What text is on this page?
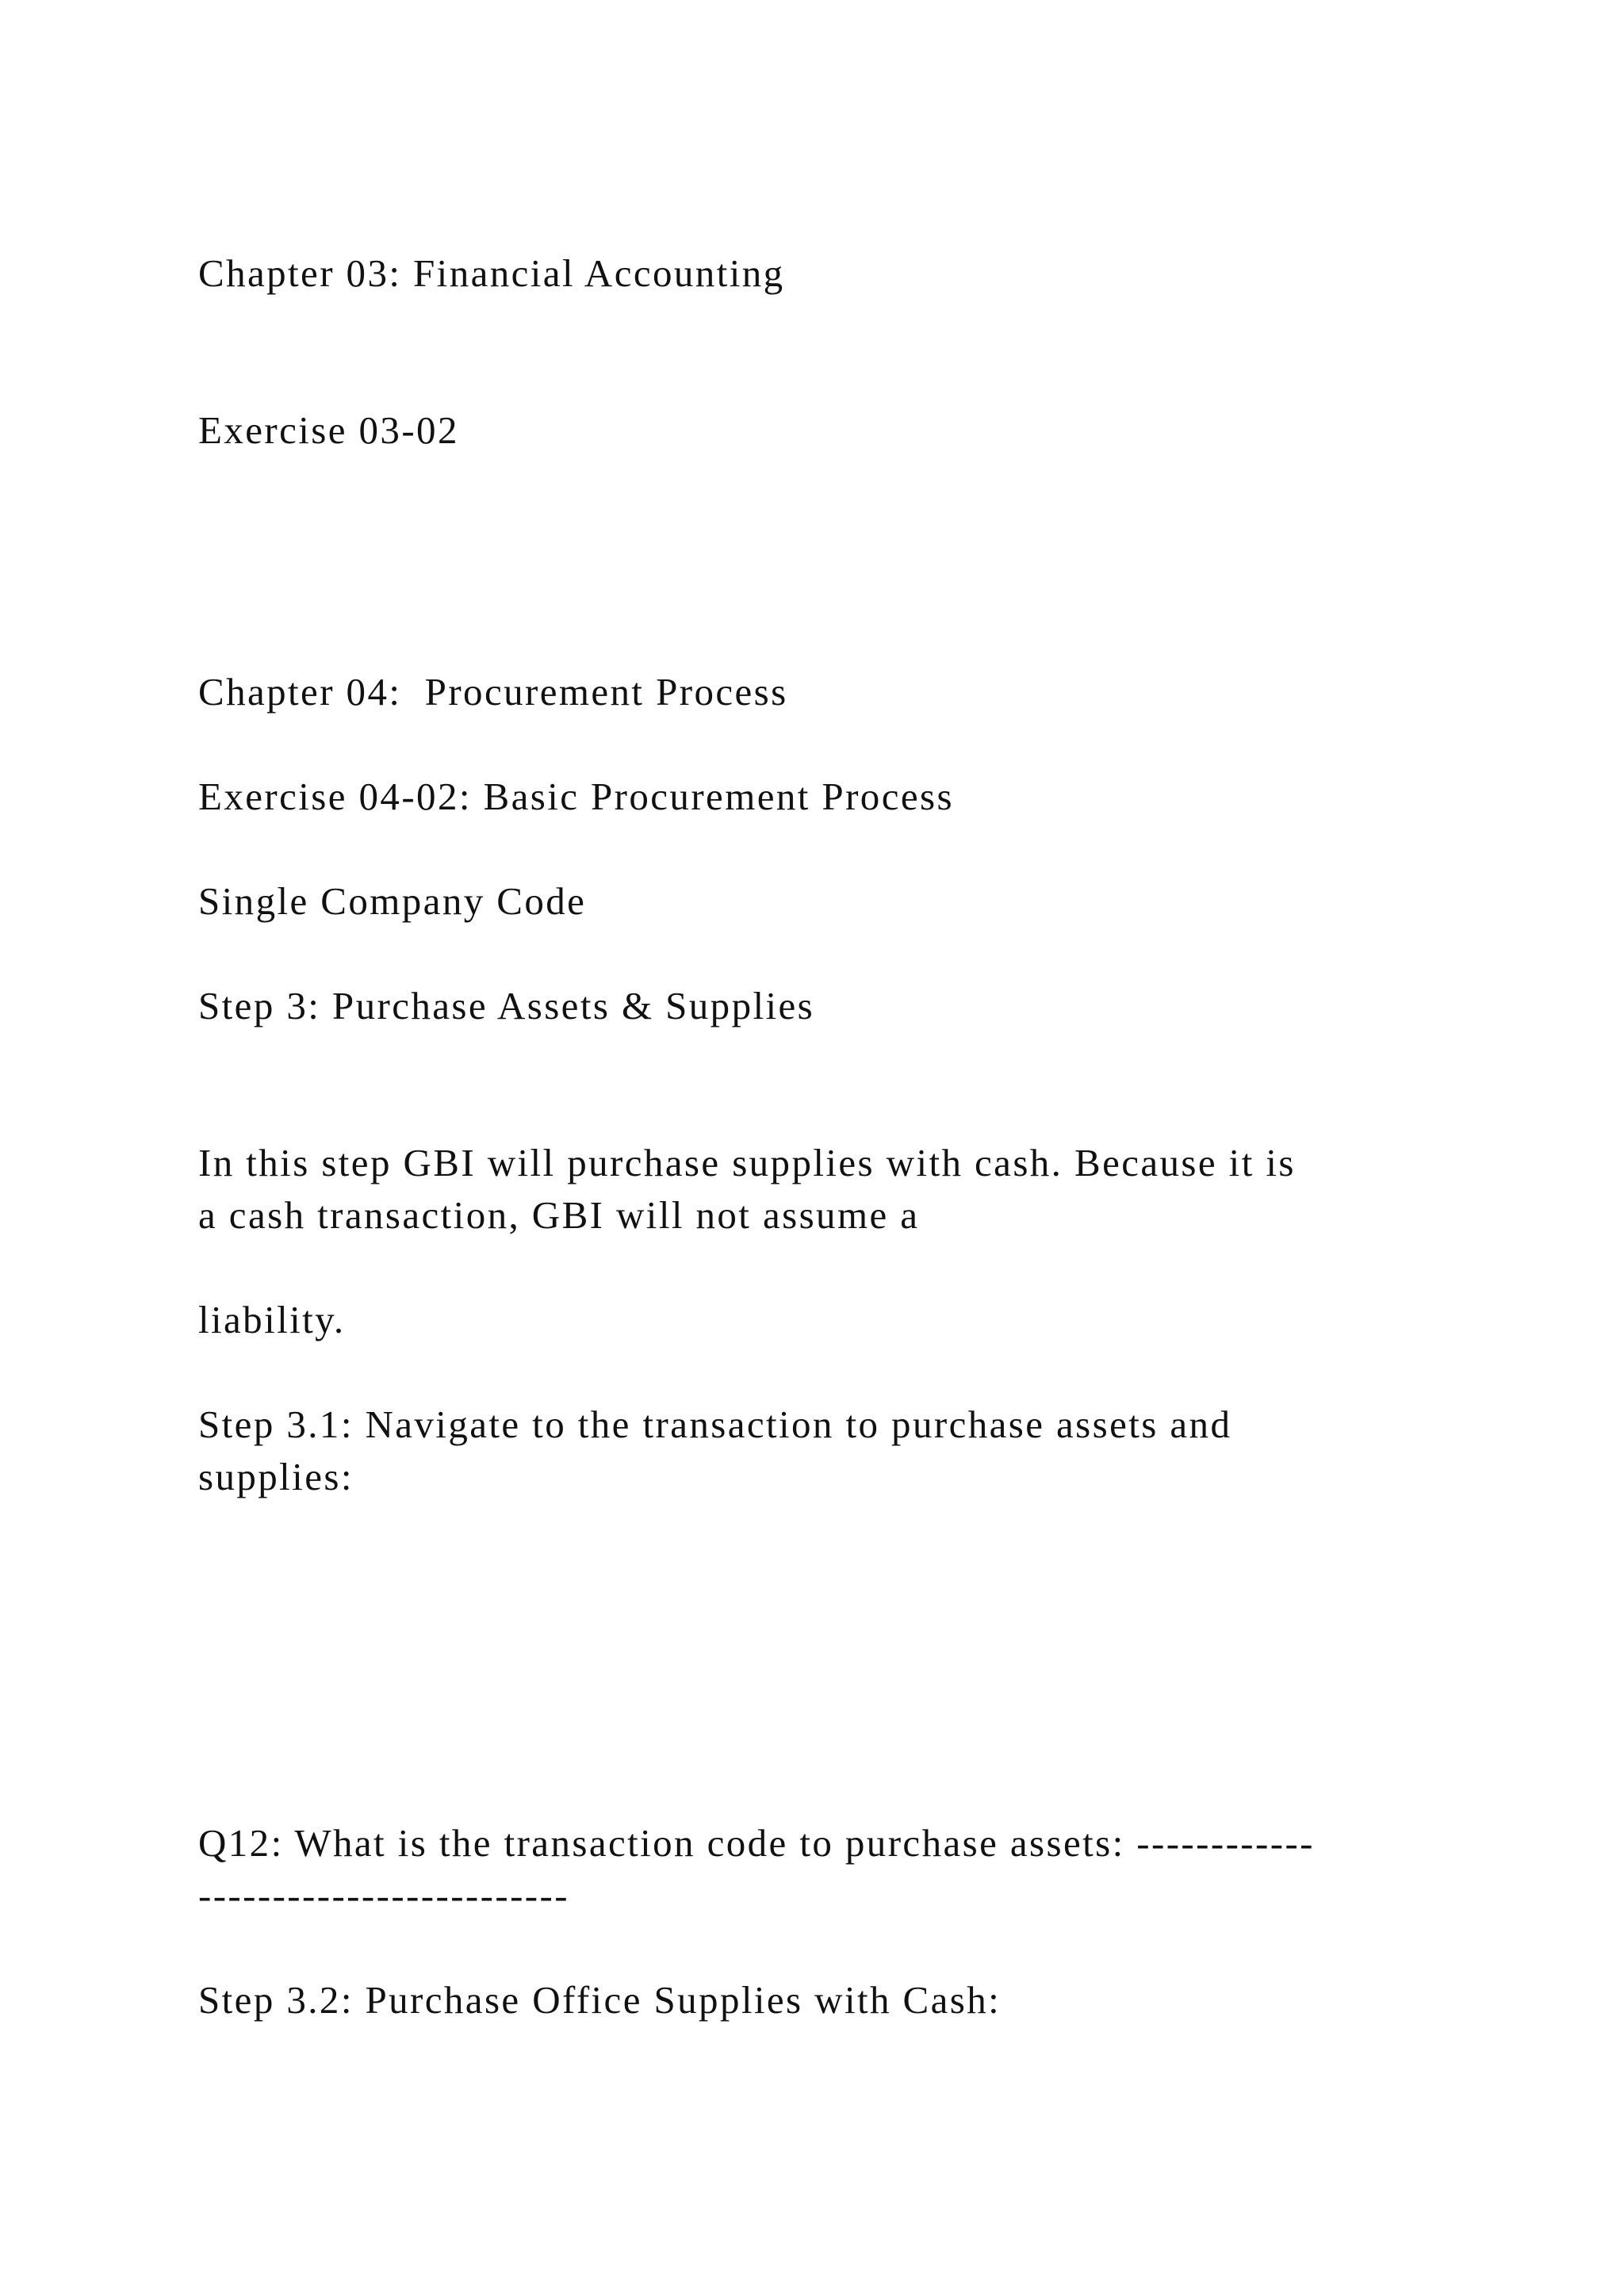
Chapter 03: Financial Accounting

Exercise 03-02

Chapter 04:  Procurement Process

Exercise 04-02: Basic Procurement Process

Single Company Code

Step 3: Purchase Assets & Supplies

In this step GBI will purchase supplies with cash. Because it is

a cash transaction, GBI will not assume a

liability.

Step 3.1: Navigate to the transaction to purchase assets and

supplies:

Q12: What is the transaction code to purchase assets: ------------

-------------------------

Step 3.2: Purchase Office Supplies with Cash:
